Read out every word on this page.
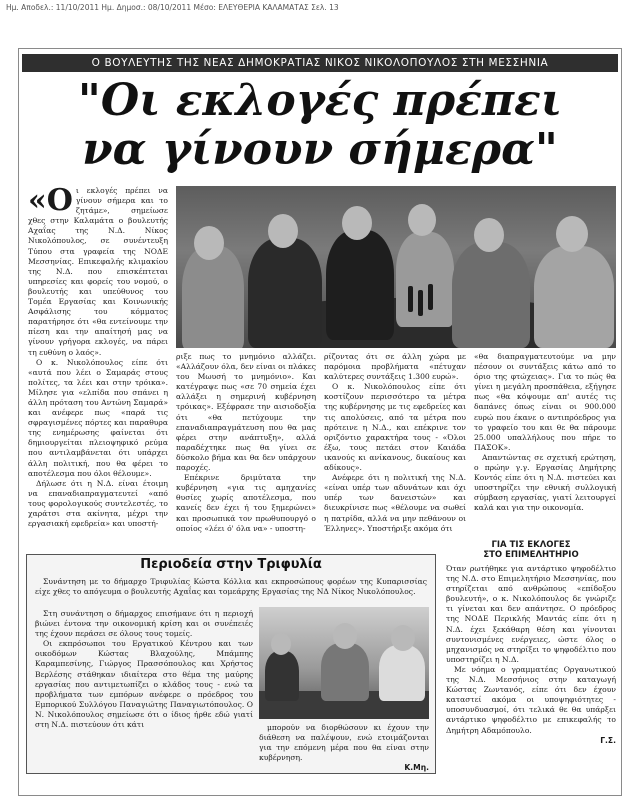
Ημ. Αποδελ.: 11/10/2011 Ημ. Δημοσ.: 08/10/2011 Μέσο: ΕΛΕΥΘΕΡΙΑ ΚΑΛΑΜΑΤΑΣ Σελ. 13
Ο ΒΟΥΛΕΥΤΗΣ ΤΗΣ ΝΕΑΣ ΔΗΜΟΚΡΑΤΙΑΣ ΝΙΚΟΣ ΝΙΚΟΛΟΠΟΥΛΟΣ ΣΤΗ ΜΕΣΣΗΝΙΑ
"Οι εκλογές πρέπει
να γίνουν σήμερα"

«Οι εκλογές πρέπει να γίνουν σήμερα και το ζητάμε», σημείωσε χθες στην Καλαμάτα ο βουλευτής Αχαΐας της Ν.Δ. Νίκος Νικολόπουλος, σε συνέντευξη Τύπου στα γραφεία της ΝΟΔΕ Μεσσηνίας. Επικεφαλής κλιμακίου της Ν.Δ. που επισκέπτεται υπηρεσίες και φορείς του νομού, ο βουλευτής και υπεύθυνος του Τομέα Εργασίας και Κοινωνικής Ασφάλισης του κόμματος παρατήρησε ότι «θα εντείνουμε την πίεση και την απαίτησή μας να γίνουν γρήγορα εκλογές, να πάρει τη ευθύνη ο λαός».

Ο κ. Νικολόπουλος είπε ότι «αυτά που λέει ο Σαμαράς στους πολίτες, τα λέει και στην τρόικα». Μίλησε για «ελπίδα που σπάνει η άλλη πρόταση του Αντώνη Σαμαρά» και ανέφερε πως «παρά τις σφραγισμένες πόρτες και παραθυρα της ενημέρωσης φαίνεται ότι δημιουργείται πλειοψηφικό ρεύμα που αντιλαμβάνεται ότι υπάρχει άλλη πολιτική, που θα φέρει το αποτέλεσμα που όλοι θέλουμε».

Δήλωσε ότι η Ν.Δ. είναι έτοιμη να επαναδιαπραγματευτεί «από τους φορολογικούς συντελεστές, το χαράτσι στα ακίνητα, μέχρι την εργασιακή εφεδρεία» και υποστή-

ριξε πως το μνημόνιο αλλάζει. «Αλλάζουν όλα, δεν είναι οι πλάκες του Μωυσή το μνημόνιο». Και κατέγραψε πως «σε 70 σημεία έχει αλλάξει η σημερινή κυβέρνηση τρόικας». Εξέφρασε την αισιοδοξία ότι «θα πετύχουμε την επαναδιαπραγμάτευση που θα μας φέρει στην ανάπτυξη», αλλά παραδέχτηκε πως θα γίνει σε δύσκολο βήμα και θα δεν υπάρχουν παροχές.

Επέκρινε δριμύτατα την κυβέρνηση «για τις αμηχανίες θυσίες χωρίς αποτέλεσμα, που κανείς δεν έχει ή του ξημερώνει» και προσωπικά τον πρωθυπουργό ο οποίος «λέει ό' όλα να» - υποστη-

ρίζοντας ότι σε άλλη χώρα με παρόμοια προβλήματα «πέτυχαν καλύτερες συντάξεις 1.300 ευρώ».

Ο κ. Νικολόπουλος είπε ότι κοστίζουν περισσότερο τα μέτρα της κυβέρνησης με τις εφεδρείες και τις απολύσεις, από τα μέτρα που πρότεινε η Ν.Δ., και επέκρινε τον οριζόντιο χαρακτήρα τους - «Όλοι έξω, τους πετάει στον Καιάδα ικανούς κι ανίκανους, δικαίους και αδίκους».

Ανέφερε ότι η πολιτική της Ν.Δ. «είναι υπέρ των αδυνάτων και όχι υπέρ των δανειστών» και διευκρίνισε πως «θέλουμε να σωθεί η πατρίδα, αλλά να μην πεθάνουν οι Έλληνες». Υποστήριξε ακόμα ότι

«θα διαπραγματευτούμε να μην πέσουν οι συντάξεις κάτω από το όριο της φτώχειας». Για το πώς θα γίνει η μεγάλη προσπάθεια, εξήγησε πως «θα κόψουμε απ' αυτές τις δαπάνες όπως είναι οι 900.000 ευρώ που έκανε ο αντιπρόεδρος για το γραφείο του και θε θα πάρουμε 25.000 υπαλλήλους που πήρε το ΠΑΣΟΚ».

Απαντώντας σε σχετική ερώτηση, ο πρώην γ.γ. Εργασίας Δημήτρης Κοντός είπε ότι η Ν.Δ. πιστεύει και υποστηρίζει την εθνική συλλογική σύμβαση εργασίας, γιατί λειτουργεί καλά και για την οικονομία.

ΓΙΑ ΤΙΣ ΕΚΛΟΓΕΣ
ΣΤΟ ΕΠΙΜΕΛΗΤΗΡΙΟ

Όταν ρωτήθηκε για αντάρτικο ψηφοδέλτιο της Ν.Δ. στο Επιμελητήριο Μεσσηνίας, που στηρίζεται από ανθρώπους «επίδοξου βουλευτή», ο κ. Νικολόπουλος δε γνώριζε τι γίνεται και δεν απάντησε. Ο πρόεδρος της ΝΟΔΕ Περικλής Μαντάς είπε ότι η Ν.Δ. έχει ξεκάθαρη θέση και γίνονται συντονισμένες ενέργειες, ώστε όλος ο μηχανισμός να στηρίξει το ψηφοδέλτιο που υποστηρίζει η Ν.Δ.

Με νόημα ο γραμματέας Οργανωτικού της Ν.Δ. Μεσσήνιος στην καταγωγή Κώστας Ζωντανός, είπε ότι δεν έχουν καταστεί ακόμα οι υποψηφιότητες - υποσυνδυασμοί, ότι τελικά θε θα υπάρξει αντάρτικο ψηφοδέλτιο με επικεφαλής το Δημήτρη Αδαμόπουλο.

Γ.Σ.

Περιοδεία στην Τριφυλία

Συνάντηση με το δήμαρχο Τριφυλίας Κώστα Κόλλια και εκπροσώπους φορέων της Κυπαρισσίας είχε χθες το απόγευμα ο βουλευτής Αχαΐας και τομεάρχης Εργασίας της ΝΔ Νίκος Νικολόπουλος.

Στη συνάντηση ο δήμαρχος επισήμανε ότι η περιοχή βιώνει έντονα την οικονομική κρίση και οι συνέπειές της έχουν περάσει σε όλους τους τομείς.

Οι εκπρόσωποι του Εργατικού Κέντρου και των οικοδόμων Κώστας Βλαχούλης, Μπάμπης Καραμπεσίνης, Γιώργος Πρασσόπουλος και Χρήστος Βερλέσης στάθηκαν ιδιαίτερα στο θέμα της μαύρης εργασίας που αντιμετωπίζει ο κλάδος τους - ενώ τα προβλήματα των εμπόρων ανέφερε ο πρόεδρος του Εμπορικού Συλλόγου Παναγιώτης Παναγιωτόπουλος. Ο Ν. Νικολόπουλος σημείωσε ότι ο ίδιος ήρθε εδώ γιατί στη Ν.Δ. πιστεύουν ότι κάτι	μπορούν να διορθώσουν κι έχουν την διάθεση να παλέψουν, ενώ ετοιμάζονται για την επόμενη μέρα που θα είναι στην κυβέρνηση.

Κ.Μη.
